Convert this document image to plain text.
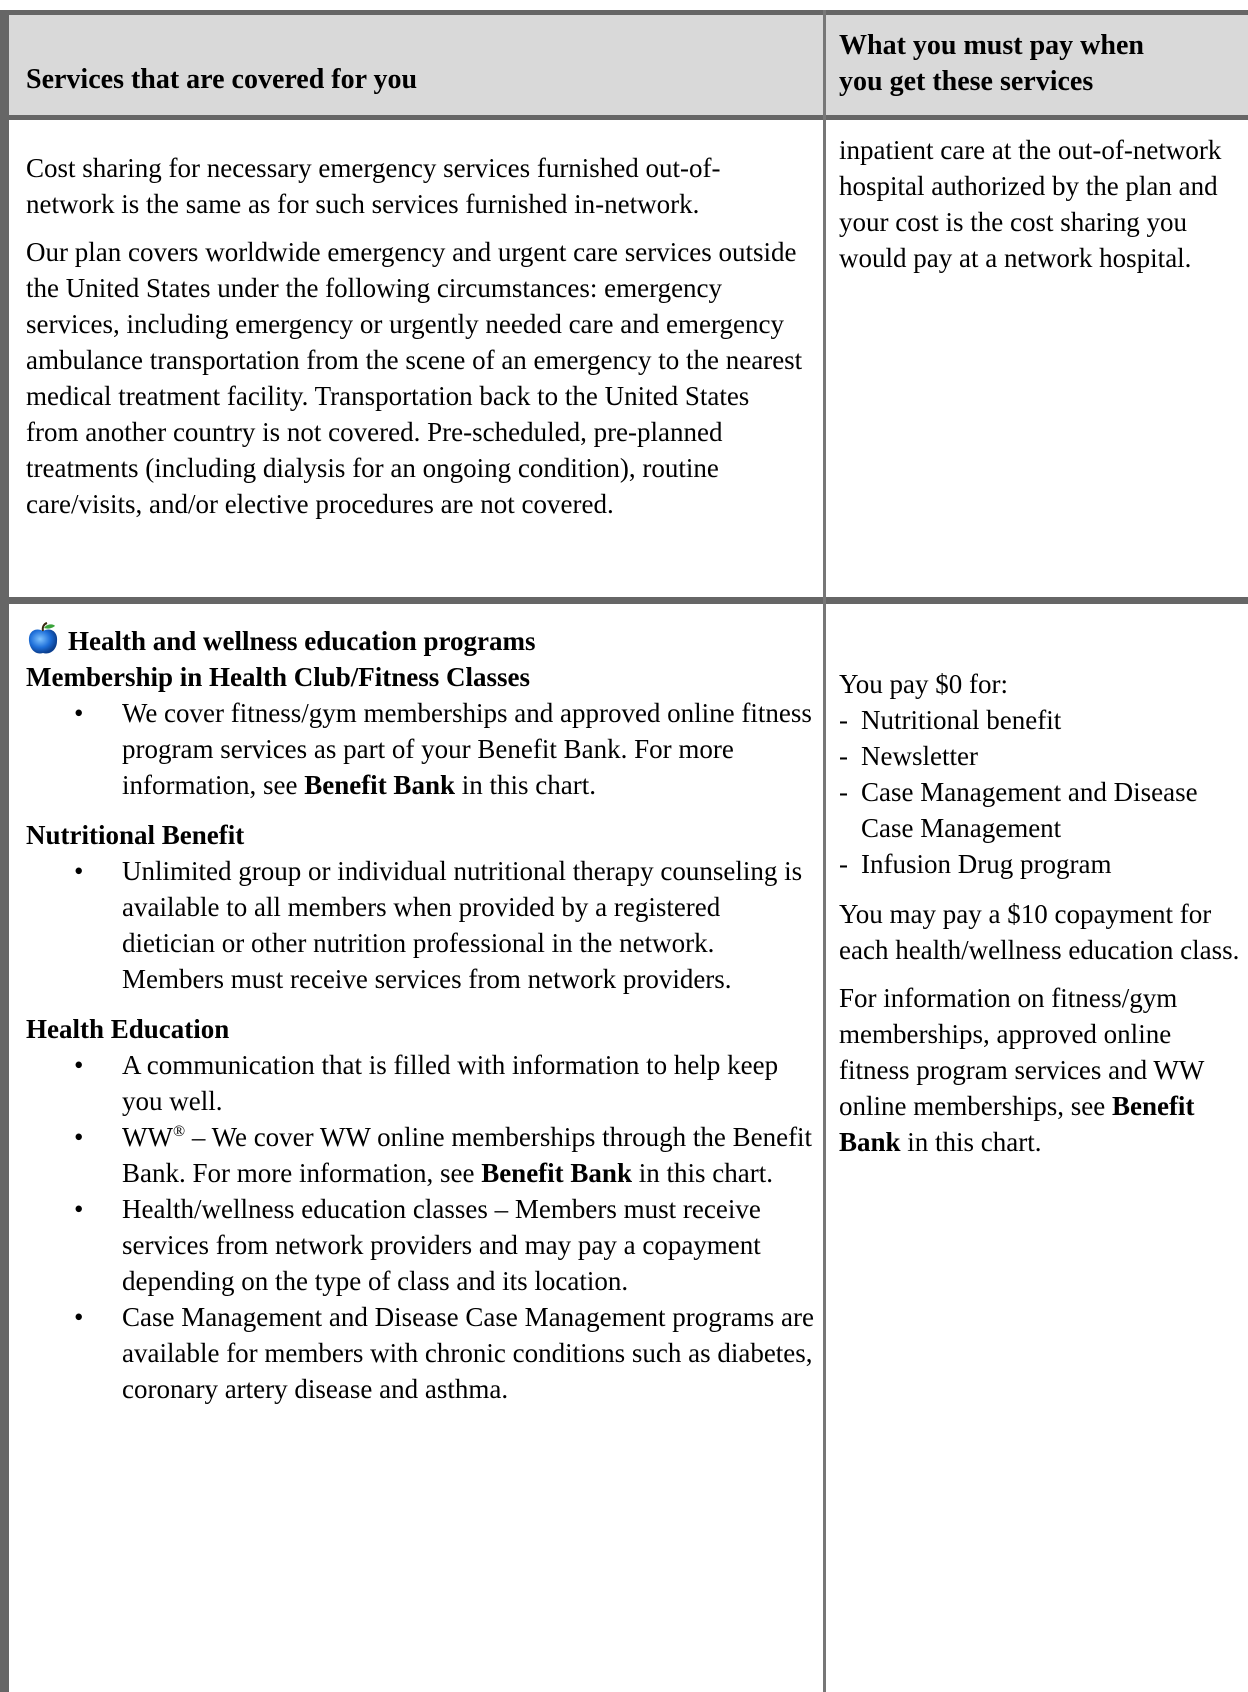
Services that are covered for you
What you must pay when
you get these services

Cost sharing for necessary emergency services furnished out-of-network is the same as for such services furnished in-network.

Our plan covers worldwide emergency and urgent care services outside the United States under the following circumstances: emergency services, including emergency or urgently needed care and emergency ambulance transportation from the scene of an emergency to the nearest medical treatment facility. Transportation back to the United States from another country is not covered. Pre-scheduled, pre-planned treatments (including dialysis for an ongoing condition), routine care/visits, and/or elective procedures are not covered.

inpatient care at the out-of-network hospital authorized by the plan and your cost is the cost sharing you would pay at a network hospital.

Health and wellness education programs
Membership in Health Club/Fitness Classes
• We cover fitness/gym memberships and approved online fitness program services as part of your Benefit Bank. For more information, see Benefit Bank in this chart.
Nutritional Benefit
• Unlimited group or individual nutritional therapy counseling is available to all members when provided by a registered dietician or other nutrition professional in the network. Members must receive services from network providers.
Health Education
• A communication that is filled with information to help keep you well.
• WW® – We cover WW online memberships through the Benefit Bank. For more information, see Benefit Bank in this chart.
• Health/wellness education classes – Members must receive services from network providers and may pay a copayment depending on the type of class and its location.
• Case Management and Disease Case Management programs are available for members with chronic conditions such as diabetes, coronary artery disease and asthma.

You pay $0 for:

- Nutritional benefit
- Newsletter
- Case Management and Disease Case Management
- Infusion Drug program

You may pay a $10 copayment for each health/wellness education class.

For information on fitness/gym memberships, approved online fitness program services and WW online memberships, see Benefit Bank in this chart.
